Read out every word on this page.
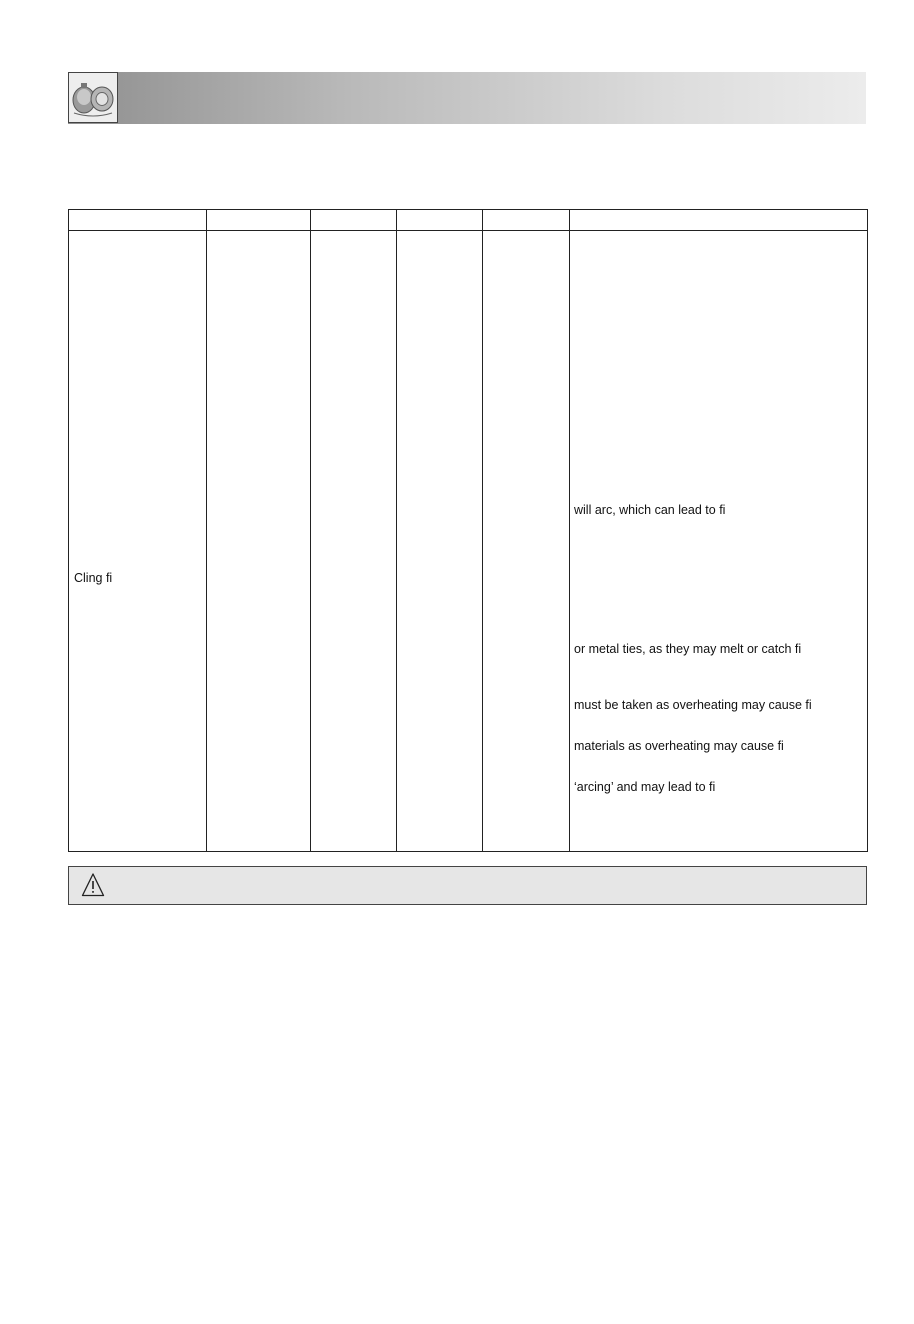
Cling fi					will arc, which can lead to fi
or metal ties, as they may melt or catch fi
must be taken as overheating may cause fi
materials as overheating may cause fi
‘arcing’ and may lead to fi
